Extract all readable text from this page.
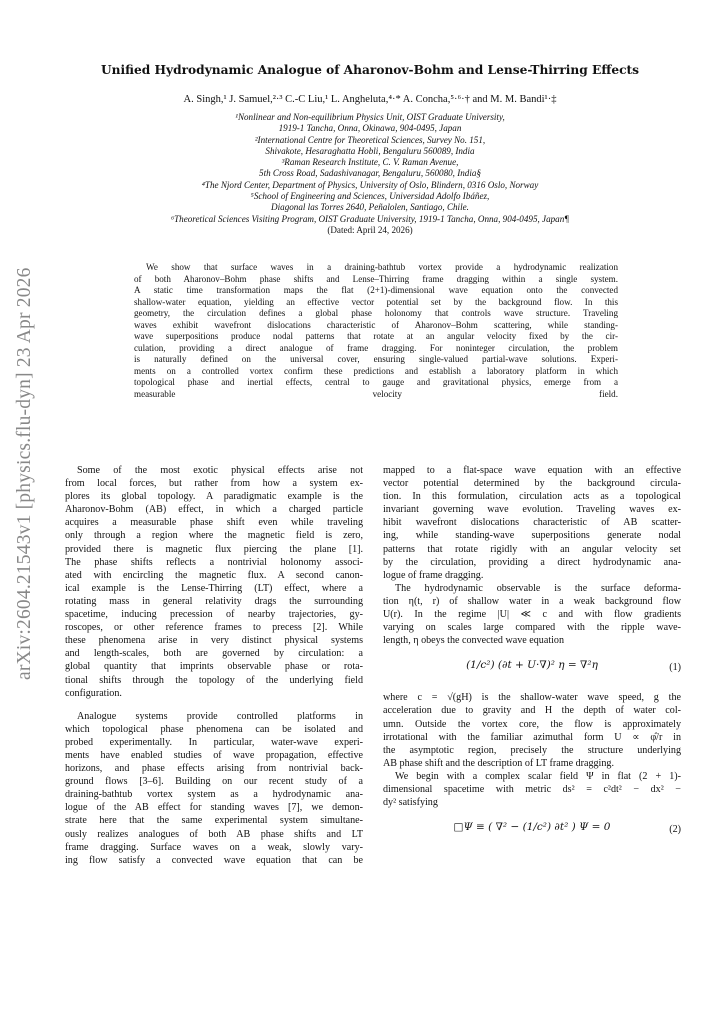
arXiv:2604.21543v1 [physics.flu-dyn] 23 Apr 2026
Unified Hydrodynamic Analogue of Aharonov-Bohm and Lense-Thirring Effects
A. Singh,¹ J. Samuel,²·³ C.-C Liu,¹ L. Angheluta,⁴·* A. Concha,⁵·⁶·† and M. M. Bandi¹·‡
¹Nonlinear and Non-equilibrium Physics Unit, OIST Graduate University,
1919-1 Tancha, Onna, Okinawa, 904-0495, Japan
²International Centre for Theoretical Sciences, Survey No. 151,
Shivakote, Hesaraghatta Hobli, Bengaluru 560089, India
³Raman Research Institute, C. V. Raman Avenue,
5th Cross Road, Sadashivanagar, Bengaluru, 560080, India§
⁴The Njord Center, Department of Physics, University of Oslo, Blindern, 0316 Oslo, Norway
⁵School of Engineering and Sciences, Universidad Adolfo Ibáñez,
Diagonal las Torres 2640, Peñalolen, Santiago, Chile.
⁶Theoretical Sciences Visiting Program, OIST Graduate University, 1919-1 Tancha, Onna, 904-0495, Japan¶
(Dated: April 24, 2026)
We show that surface waves in a draining-bathtub vortex provide a hydrodynamic realization
of both Aharonov–Bohm phase shifts and Lense–Thirring frame dragging within a single system.
A static time transformation maps the flat (2+1)-dimensional wave equation onto the convected
shallow-water equation, yielding an effective vector potential set by the background flow. In this
geometry, the circulation defines a global phase holonomy that controls wave structure. Traveling
waves exhibit wavefront dislocations characteristic of Aharonov–Bohm scattering, while standing-
wave superpositions produce nodal patterns that rotate at an angular velocity fixed by the cir-
culation, providing a direct analogue of frame dragging. For noninteger circulation, the problem
is naturally defined on the universal cover, ensuring single-valued partial-wave solutions. Experi-
ments on a controlled vortex confirm these predictions and establish a laboratory platform in which
topological phase and inertial effects, central to gauge and gravitational physics, emerge from a
measurable velocity field.
Some of the most exotic physical effects arise not
from local forces, but rather from how a system ex-
plores its global topology. A paradigmatic example is the
Aharonov-Bohm (AB) effect, in which a charged particle
acquires a measurable phase shift even while traveling
only through a region where the magnetic field is zero,
provided there is magnetic flux piercing the plane [1].
The phase shifts reflects a nontrivial holonomy associ-
ated with encircling the magnetic flux. A second canon-
ical example is the Lense-Thirring (LT) effect, where a
rotating mass in general relativity drags the surrounding
spacetime, inducing precession of nearby trajectories, gy-
roscopes, or other reference frames to precess [2]. While
these phenomena arise in very distinct physical systems
and length-scales, both are governed by circulation: a
global quantity that imprints observable phase or rota-
tional shifts through the topology of the underlying field
configuration.
Analogue systems provide controlled platforms in
which topological phase phenomena can be isolated and
probed experimentally. In particular, water-wave experi-
ments have enabled studies of wave propagation, effective
horizons, and phase effects arising from nontrivial back-
ground flows [3–6]. Building on our recent study of a
draining-bathtub vortex system as a hydrodynamic ana-
logue of the AB effect for standing waves [7], we demon-
strate here that the same experimental system simultane-
ously realizes analogues of both AB phase shifts and LT
frame dragging. Surface waves on a weak, slowly vary-
ing flow satisfy a convected wave equation that can be
mapped to a flat-space wave equation with an effective
vector potential determined by the background circula-
tion. In this formulation, circulation acts as a topological
invariant governing wave evolution. Traveling waves ex-
hibit wavefront dislocations characteristic of AB scatter-
ing, while standing-wave superpositions generate nodal
patterns that rotate rigidly with an angular velocity set
by the circulation, providing a direct hydrodynamic ana-
logue of frame dragging.
The hydrodynamic observable is the surface deforma-
tion η(t, r) of shallow water in a weak background flow
U(r). In the regime |U| ≪ c and with flow gradients
varying on scales large compared with the ripple wave-
length, η obeys the convected wave equation
(1/c²) (∂t + U·∇)² η = ∇²η	(1)
where c = √(gH) is the shallow-water wave speed, g the
acceleration due to gravity and H the depth of water col-
umn. Outside the vortex core, the flow is approximately
irrotational with the familiar azimuthal form U ∝ φ̂/r in
the asymptotic region, precisely the structure underlying
AB phase shift and the description of LT frame dragging.
We begin with a complex scalar field Ψ in flat (2 + 1)-
dimensional spacetime with metric ds² = c²dt² − dx² −
dy² satisfying
□Ψ ≡ ( ∇² − (1/c²) ∂t² ) Ψ = 0	(2)
